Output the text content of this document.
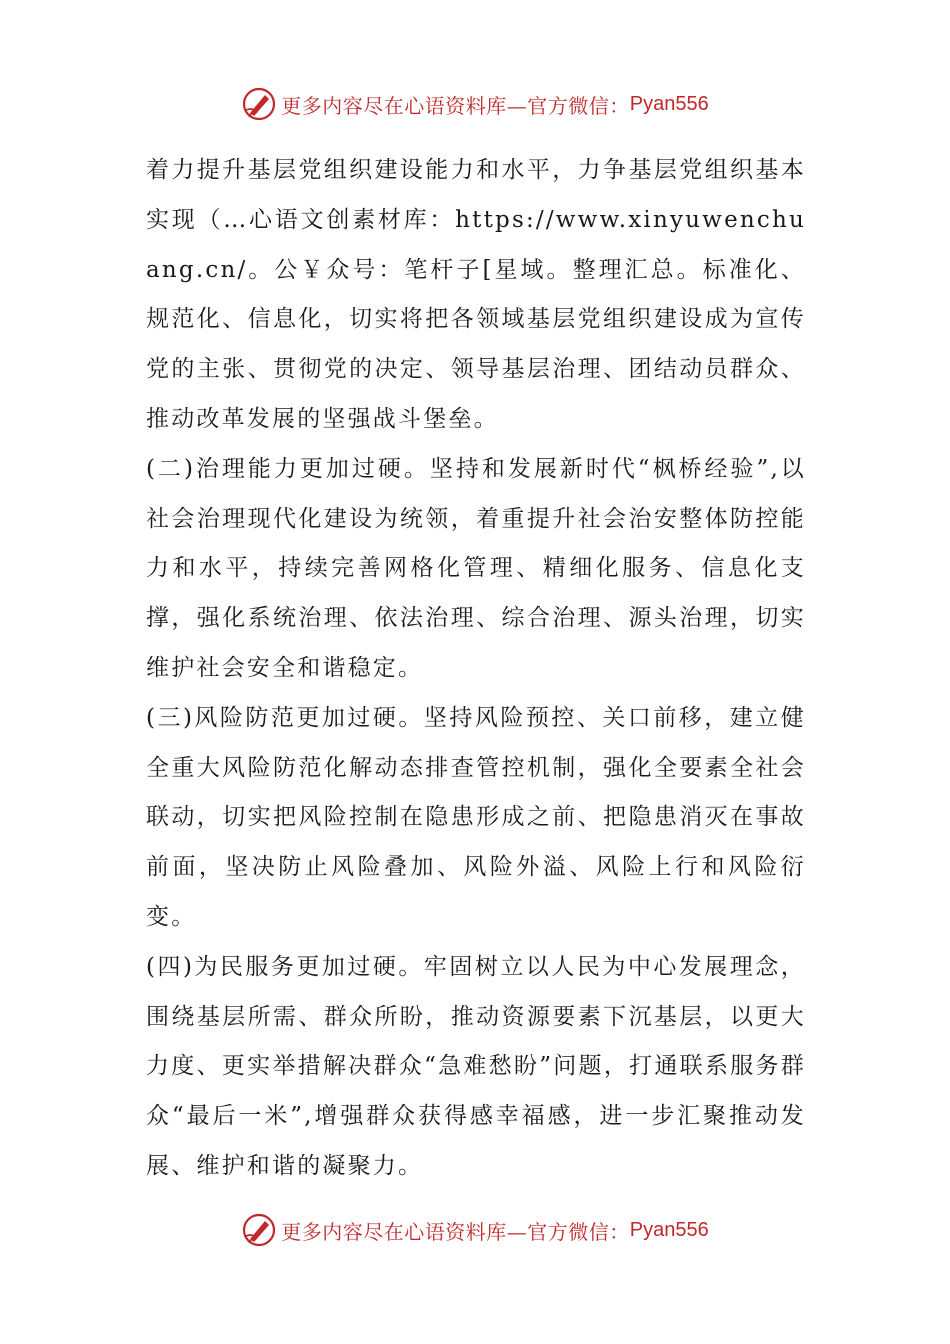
更多内容尽在心语资料库—官方微信： Pyan556

着力提升基层党组织建设能力和水平，力争基层党组织基本实现（…心语文创素材库：https://www.xinyuwenchuang.cn/。公￥众号：笔杆子[星域。整理汇总。标准化、规范化、信息化，切实将把各领域基层党组织建设成为宣传党的主张、贯彻党的决定、领导基层治理、团结动员群众、推动改革发展的坚强战斗堡垒。

(二)治理能力更加过硬。坚持和发展新时代“枫桥经验”,以社会治理现代化建设为统领，着重提升社会治安整体防控能力和水平，持续完善网格化管理、精细化服务、信息化支撑，强化系统治理、依法治理、综合治理、源头治理，切实维护社会安全和谐稳定。

(三)风险防范更加过硬。坚持风险预控、关口前移，建立健全重大风险防范化解动态排查管控机制，强化全要素全社会联动，切实把风险控制在隐患形成之前、把隐患消灭在事故前面，坚决防止风险叠加、风险外溢、风险上行和风险衍变。

(四)为民服务更加过硬。牢固树立以人民为中心发展理念，围绕基层所需、群众所盼，推动资源要素下沉基层，以更大力度、更实举措解决群众“急难愁盼”问题，打通联系服务群众“最后一米”,增强群众获得感幸福感，进一步汇聚推动发展、维护和谐的凝聚力。

更多内容尽在心语资料库—官方微信： Pyan556
